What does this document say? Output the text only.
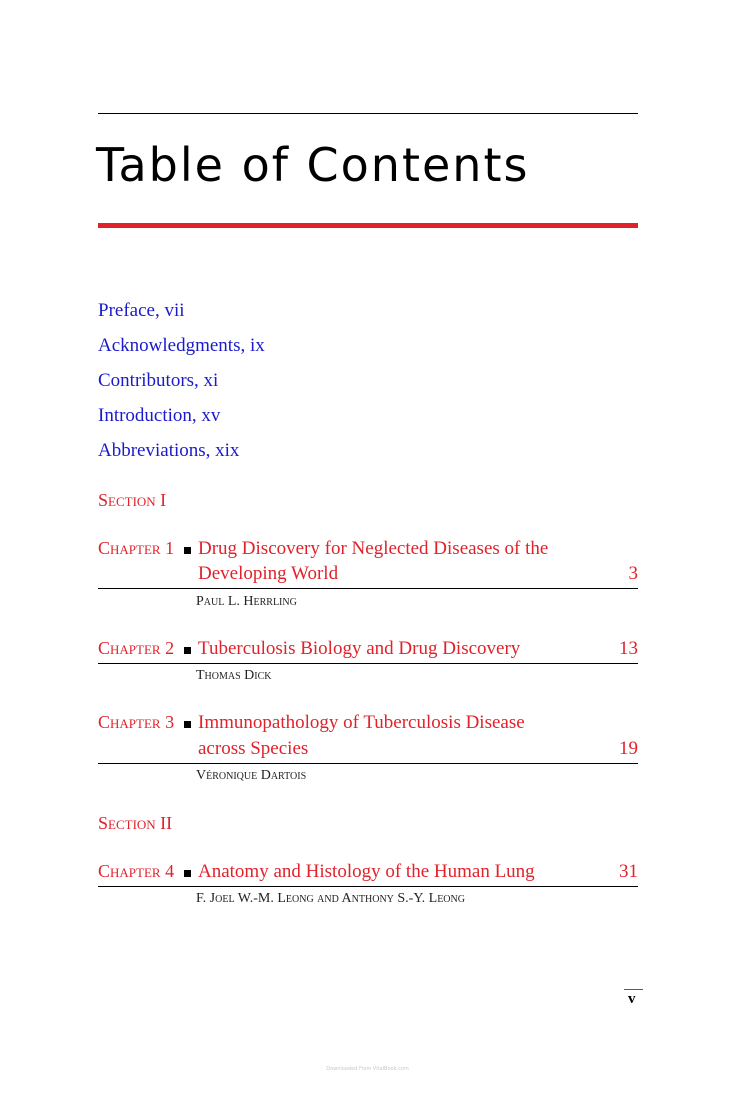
Table of Contents
Preface, vii
Acknowledgments, ix
Contributors, xi
Introduction, xv
Abbreviations, xix
Section I
Chapter 1 Drug Discovery for Neglected Diseases of the
Developing World	3
Paul L. Herrling
Chapter 2 Tuberculosis Biology and Drug Discovery	13
Thomas Dick
Chapter 3 Immunopathology of Tuberculosis Disease
across Species	19
Véronique Dartois
Section II
Chapter 4 Anatomy and Histology of the Human Lung	31
F. Joel W.-M. Leong and Anthony S.-Y. Leong
v
Downloaded From VitalBook.com
